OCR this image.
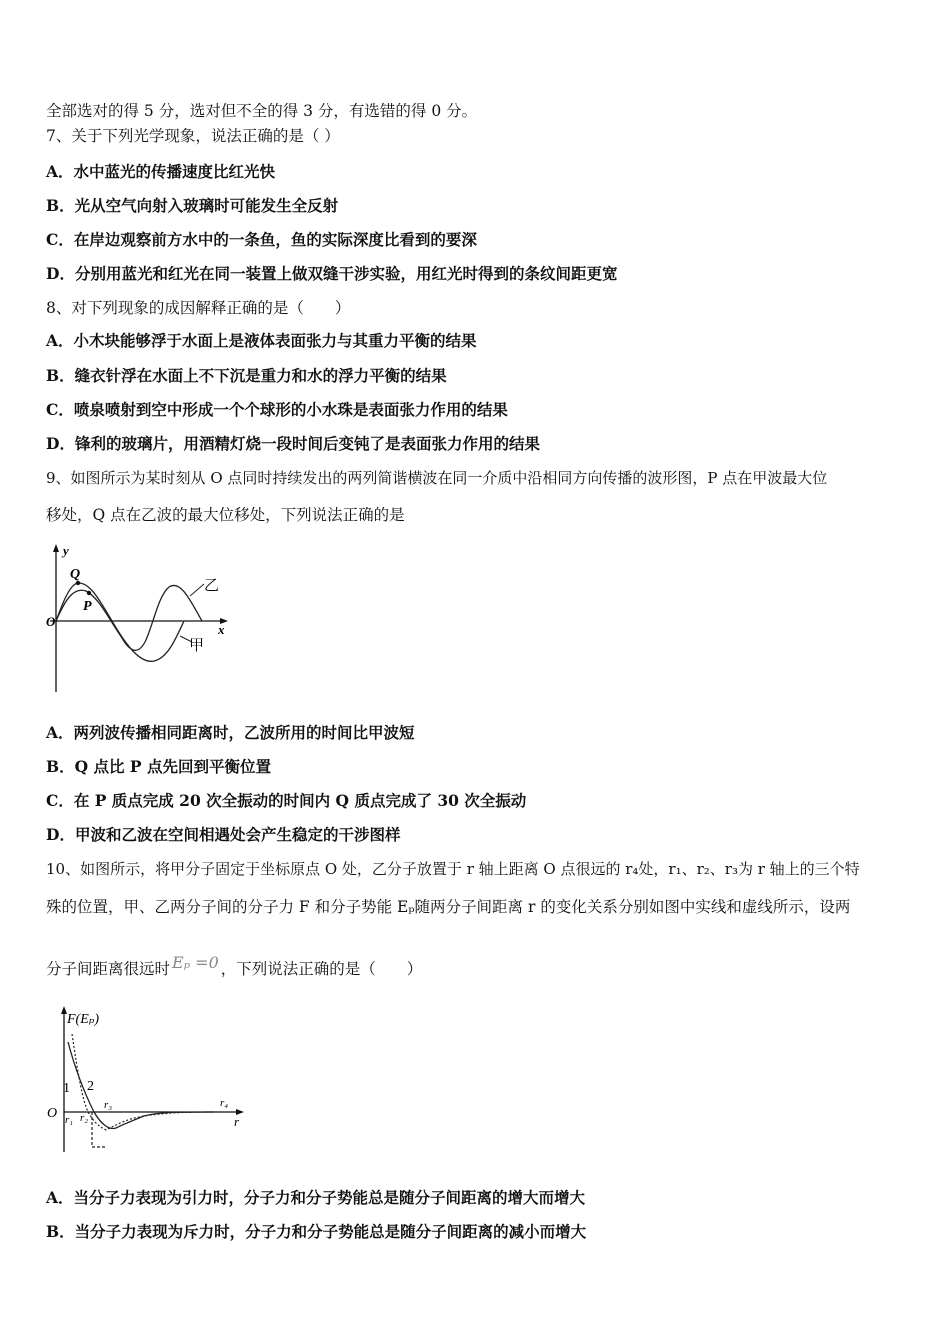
全部选对的得 5 分，选对但不全的得 3 分，有选错的得 0 分。
7、关于下列光学现象，说法正确的是（ ）
A．水中蓝光的传播速度比红光快
B．光从空气向射入玻璃时可能发生全反射
C．在岸边观察前方水中的一条鱼，鱼的实际深度比看到的要深
D．分别用蓝光和红光在同一装置上做双缝干涉实验，用红光时得到的条纹间距更宽
8、对下列现象的成因解释正确的是（　　）
A．小木块能够浮于水面上是液体表面张力与其重力平衡的结果
B．缝衣针浮在水面上不下沉是重力和水的浮力平衡的结果
C．喷泉喷射到空中形成一个个球形的小水珠是表面张力作用的结果
D．锋利的玻璃片，用酒精灯烧一段时间后变钝了是表面张力作用的结果
9、如图所示为某时刻从 O 点同时持续发出的两列简谐横波在同一介质中沿相同方向传播的波形图，P 点在甲波最大位
移处，Q 点在乙波的最大位移处，下列说法正确的是
y
x
O
Q
P
乙
甲
A．两列波传播相同距离时，乙波所用的时间比甲波短
B．Q 点比 P 点先回到平衡位置
C．在 P 质点完成 20 次全振动的时间内 Q 质点完成了 30 次全振动
D．甲波和乙波在空间相遇处会产生稳定的干涉图样
10、如图所示，将甲分子固定于坐标原点 O 处，乙分子放置于 r 轴上距离 O 点很远的 r₄处，r₁、r₂、r₃为 r 轴上的三个特
殊的位置，甲、乙两分子间的分子力 F 和分子势能 Eₚ随两分子间距离 r 的变化关系分别如图中实线和虚线所示，设两
分子间距离很远时 Eₚ =0 ，下列说法正确的是（　　）
F(Eₚ)
O
1 2
r₁ r₂
r₃	r₄
r
A．当分子力表现为引力时，分子力和分子势能总是随分子间距离的增大而增大
B．当分子力表现为斥力时，分子力和分子势能总是随分子间距离的减小而增大
